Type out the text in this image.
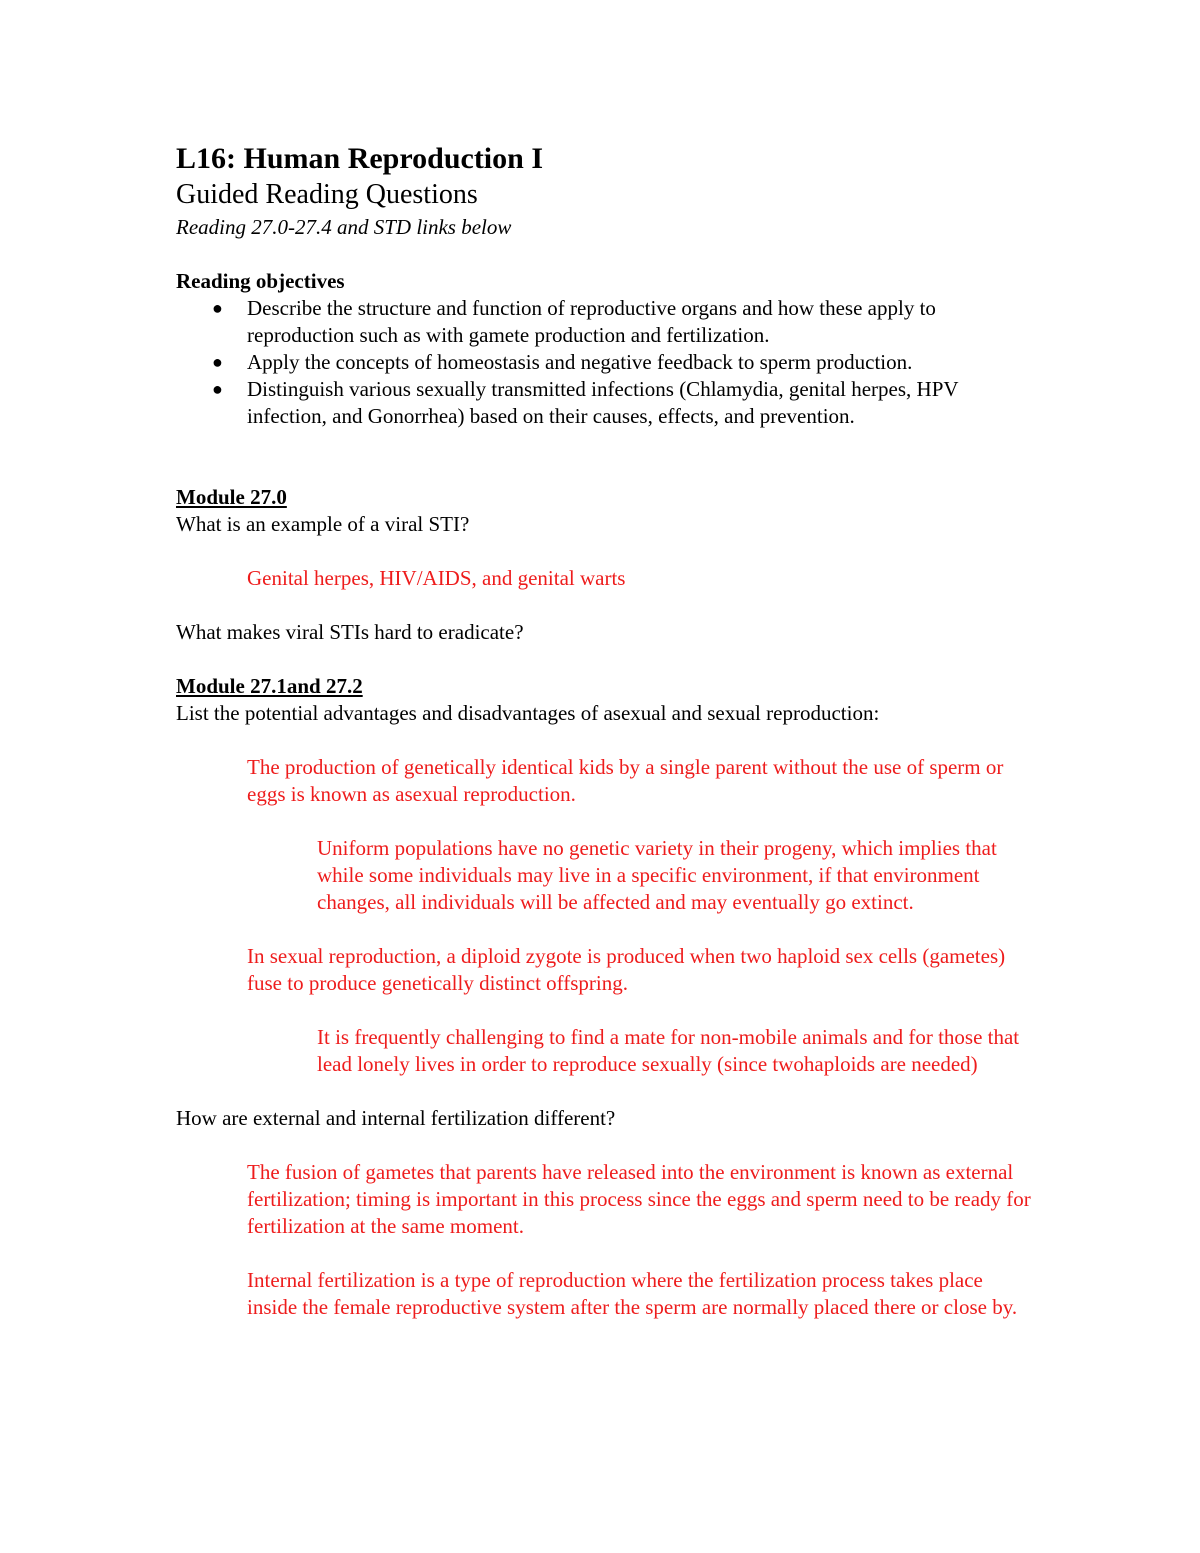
L16: Human Reproduction I

Guided Reading Questions

Reading 27.0-27.4 and STD links below

Reading objectives

● Describe the structure and function of reproductive organs and how these apply to reproduction such as with gamete production and fertilization.
● Apply the concepts of homeostasis and negative feedback to sperm production.
● Distinguish various sexually transmitted infections (Chlamydia, genital herpes, HPV infection, and Gonorrhea) based on their causes, effects, and prevention.

Module 27.0

What is an example of a viral STI?

Genital herpes, HIV/AIDS, and genital warts

What makes viral STIs hard to eradicate?

Module 27.1and 27.2

List the potential advantages and disadvantages of asexual and sexual reproduction:

The production of genetically identical kids by a single parent without the use of sperm or eggs is known as asexual reproduction.

Uniform populations have no genetic variety in their progeny, which implies that while some individuals may live in a specific environment, if that environment changes, all individuals will be affected and may eventually go extinct.

In sexual reproduction, a diploid zygote is produced when two haploid sex cells (gametes) fuse to produce genetically distinct offspring.

It is frequently challenging to find a mate for non-mobile animals and for those that lead lonely lives in order to reproduce sexually (since twohaploids are needed)

How are external and internal fertilization different?

The fusion of gametes that parents have released into the environment is known as external fertilization; timing is important in this process since the eggs and sperm need to be ready for fertilization at the same moment.

Internal fertilization is a type of reproduction where the fertilization process takes place inside the female reproductive system after the sperm are normally placed there or close by.
